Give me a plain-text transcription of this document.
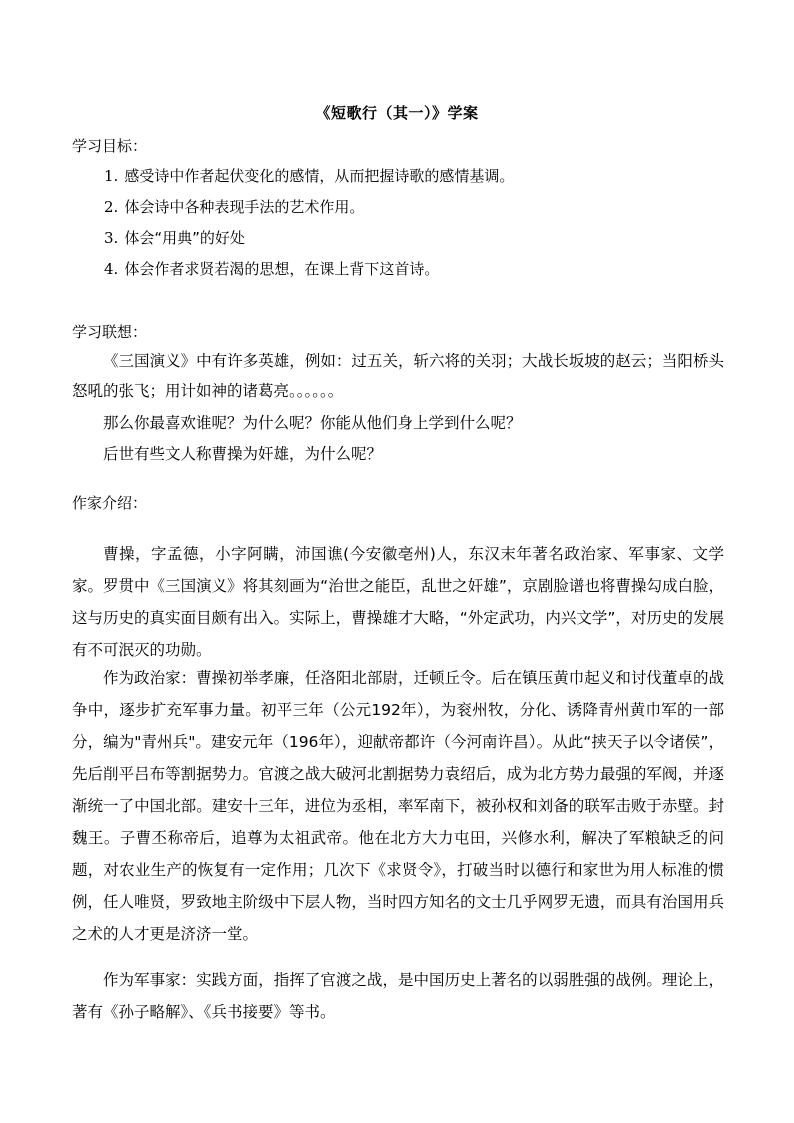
《短歌行（其一）》学案
学习目标：
1. 感受诗中作者起伏变化的感情，从而把握诗歌的感情基调。
2. 体会诗中各种表现手法的艺术作用。
3. 体会“用典”的好处
4. 体会作者求贤若渴的思想，在课上背下这首诗。
学习联想：
《三国演义》中有许多英雄，例如：过五关，斩六将的关羽；大战长坂坡的赵云；当阳桥头怒吼的张飞；用计如神的诸葛亮。。。。。。
那么你最喜欢谁呢？为什么呢？你能从他们身上学到什么呢？
后世有些文人称曹操为奸雄，为什么呢？
作家介绍：
曹操，字孟德，小字阿瞒，沛国谯(今安徽亳州)人，东汉末年著名政治家、军事家、文学家。罗贯中《三国演义》将其刻画为“治世之能臣，乱世之奸雄”，京剧脸谱也将曹操勾成白脸，这与历史的真实面目颇有出入。实际上，曹操雄才大略，“外定武功，内兴文学”，对历史的发展有不可泯灭的功勋。
作为政治家：曹操初举孝廉，任洛阳北部尉，迁顿丘令。后在镇压黄巾起义和讨伐董卓的战争中，逐步扩充军事力量。初平三年（公元192年），为衮州牧，分化、诱降青州黄巾军的一部分，编为"青州兵"。建安元年（196年），迎献帝都许（今河南许昌）。从此“挟天子以令诸侯”，先后削平吕布等割据势力。官渡之战大破河北割据势力袁绍后，成为北方势力最强的军阀，并逐渐统一了中国北部。建安十三年，进位为丞相，率军南下，被孙权和刘备的联军击败于赤壁。封魏王。子曹丕称帝后，追尊为太祖武帝。他在北方大力屯田，兴修水利，解决了军粮缺乏的问题，对农业生产的恢复有一定作用；几次下《求贤令》，打破当时以德行和家世为用人标准的惯例，任人唯贤，罗致地主阶级中下层人物，当时四方知名的文士几乎网罗无遗，而具有治国用兵之术的人才更是济济一堂。
作为军事家：实践方面，指挥了官渡之战，是中国历史上著名的以弱胜强的战例。理论上，著有《孙子略解》、《兵书接要》等书。
